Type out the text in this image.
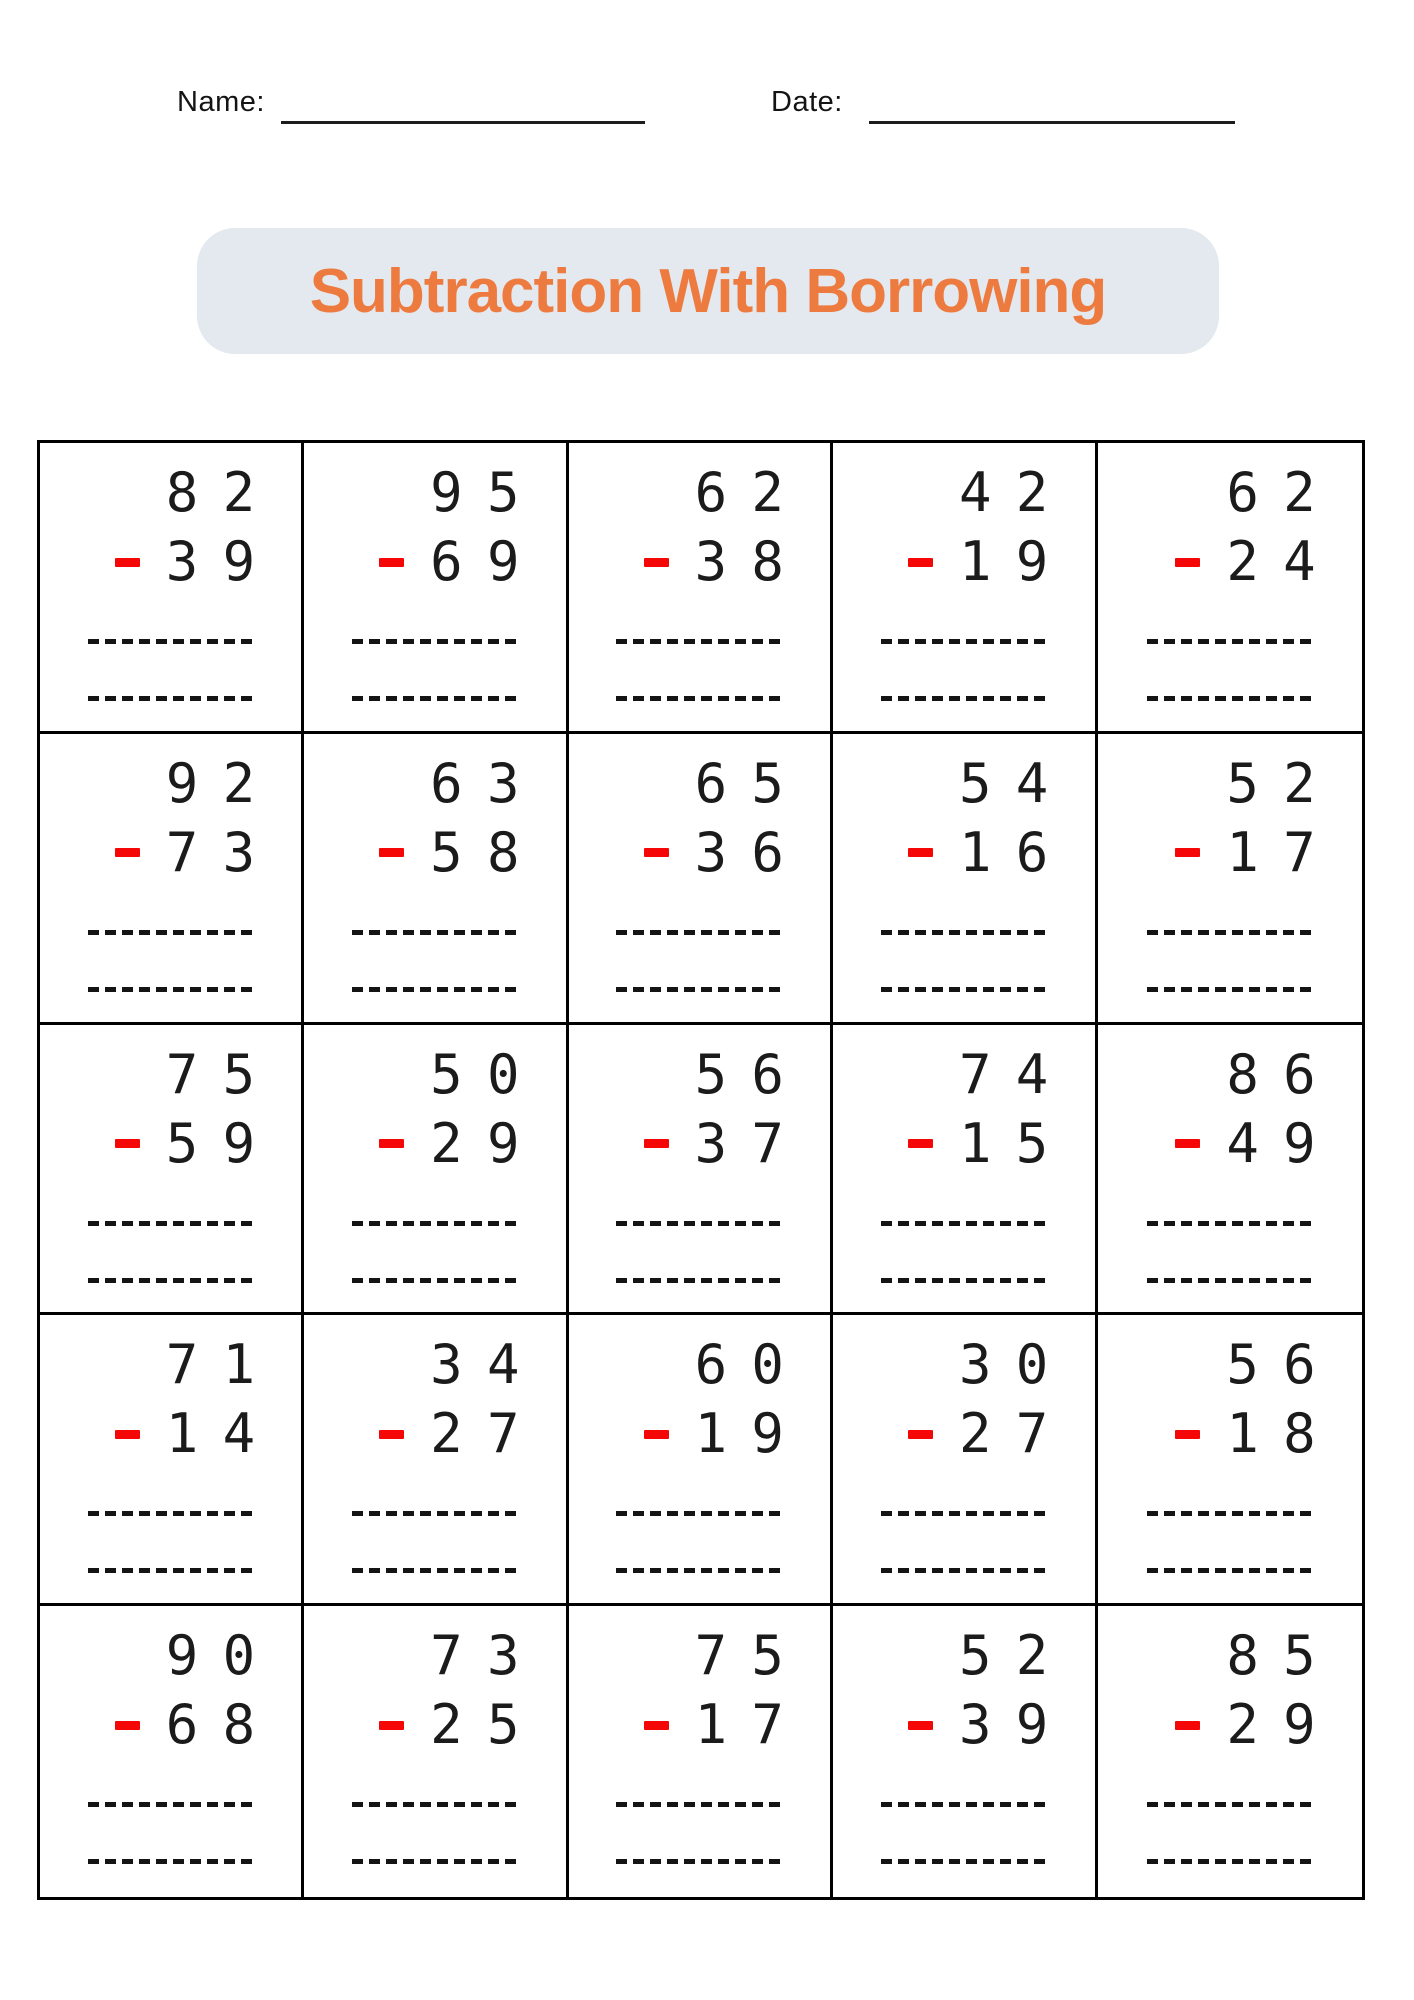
Name:	Date:
Subtraction With Borrowing
82
39
95
69
62
38
42
19
62
24
92
73
63
58
65
36
54
16
52
17
75
59
50
29
56
37
74
15
86
49
71
14
34
27
60
19
30
27
56
18
90
68
73
25
75
17
52
39
85
29
